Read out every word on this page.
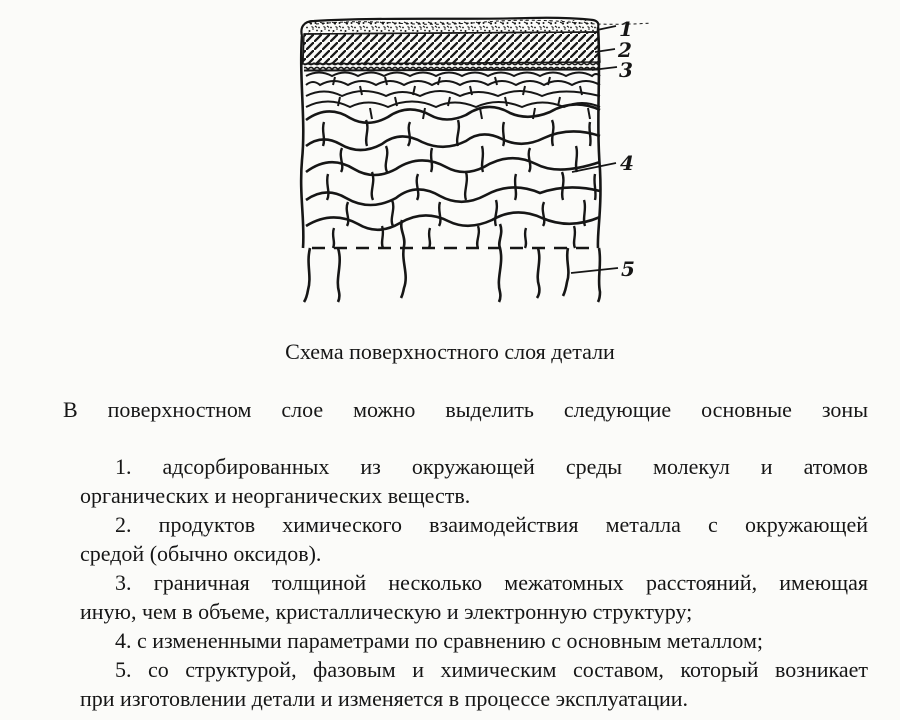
1
2
3
4
5
Схема поверхностного слоя детали

В поверхностном слое можно выделить следующие основные зоны

1. адсорбированных из окружающей среды молекул и атомов
органических и неорганических веществ.
2. продуктов химического взаимодействия металла с окружающей
средой (обычно оксидов).
3. граничная толщиной несколько межатомных расстояний, имеющая
иную, чем в объеме, кристаллическую и электронную структуру;
4. с измененными параметрами по сравнению с основным металлом;
5. со структурой, фазовым и химическим составом, который возникает
при изготовлении детали и изменяется в процессе эксплуатации.
